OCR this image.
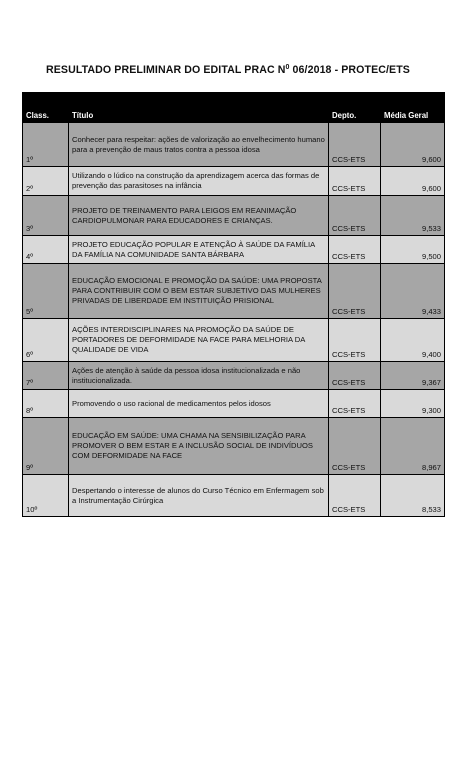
RESULTADO PRELIMINAR DO EDITAL PRAC $N^0$ 06/2018 - PROTEC/ETS
Class.	Título	Depto.	Média Geral
1º	Conhecer para respeitar: ações de valorização ao envelhecimento humano para a prevenção de maus tratos contra a pessoa idosa	CCS-ETS	9,600
2º	Utilizando o lúdico na construção da aprendizagem acerca das formas de prevenção das parasitoses na infância	CCS-ETS	9,600
3º	PROJETO DE TREINAMENTO PARA LEIGOS EM REANIMAÇÃO CARDIOPULMONAR PARA EDUCADORES E CRIANÇAS.	CCS-ETS	9,533
4º	PROJETO EDUCAÇÃO POPULAR E ATENÇÃO À SAÚDE DA FAMÍLIA DA FAMÍLIA NA COMUNIDADE SANTA BÁRBARA	CCS-ETS	9,500
5º	EDUCAÇÃO EMOCIONAL E PROMOÇÃO DA SAÚDE: UMA PROPOSTA PARA CONTRIBUIR COM O BEM ESTAR SUBJETIVO DAS MULHERES PRIVADAS DE LIBERDADE EM INSTITUIÇÃO PRISIONAL	CCS-ETS	9,433
6º	AÇÕES INTERDISCIPLINARES NA PROMOÇÃO DA SAÚDE DE PORTADORES DE DEFORMIDADE NA FACE PARA MELHORIA DA QUALIDADE DE VIDA	CCS-ETS	9,400
7º	Ações de atenção à saúde da pessoa idosa institucionalizada e não institucionalizada.	CCS-ETS	9,367
8º	Promovendo o uso racional de medicamentos pelos idosos	CCS-ETS	9,300
9º	EDUCAÇÃO EM SAÚDE: UMA CHAMA NA SENSIBILIZAÇÃO PARA PROMOVER O BEM ESTAR E A INCLUSÃO SOCIAL DE INDIVÍDUOS COM DEFORMIDADE NA FACE	CCS-ETS	8,967
10º	Despertando o interesse de alunos do Curso Técnico em Enfermagem sob a Instrumentação Cirúrgica	CCS-ETS	8,533
